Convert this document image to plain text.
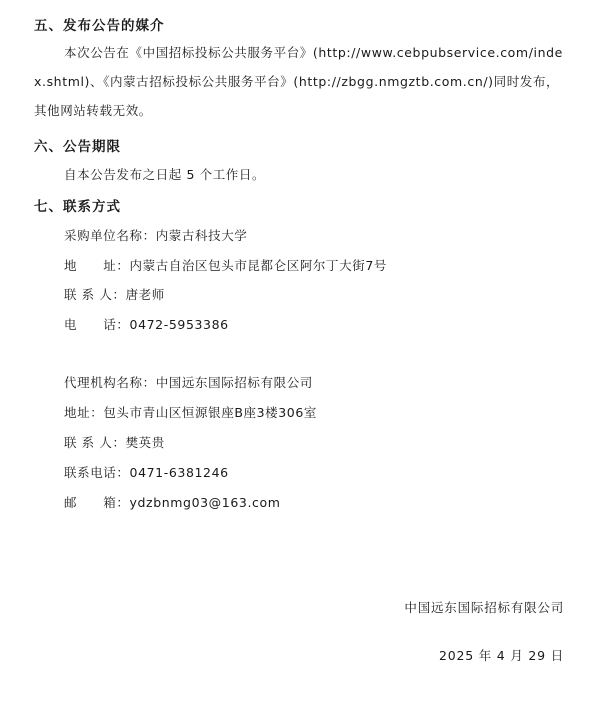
五、发布公告的媒介
本次公告在《中国招标投标公共服务平台》(http://www.cebpubservice.com/index.shtml)、《内蒙古招标投标公共服务平台》(http://zbgg.nmgztb.com.cn/)同时发布，其他网站转载无效。
六、公告期限
自本公告发布之日起 5 个工作日。
七、联系方式
采购单位名称：内蒙古科技大学
地　　址：内蒙古自治区包头市昆都仑区阿尔丁大街7号
联 系 人：唐老师
电　　话：0472-5953386
代理机构名称：中国远东国际招标有限公司
地址：包头市青山区恒源银座B座3楼306室
联 系 人：樊英贵
联系电话：0471-6381246
邮　　箱：ydzbnmg03@163.com
中国远东国际招标有限公司
2025 年 4 月 29 日
